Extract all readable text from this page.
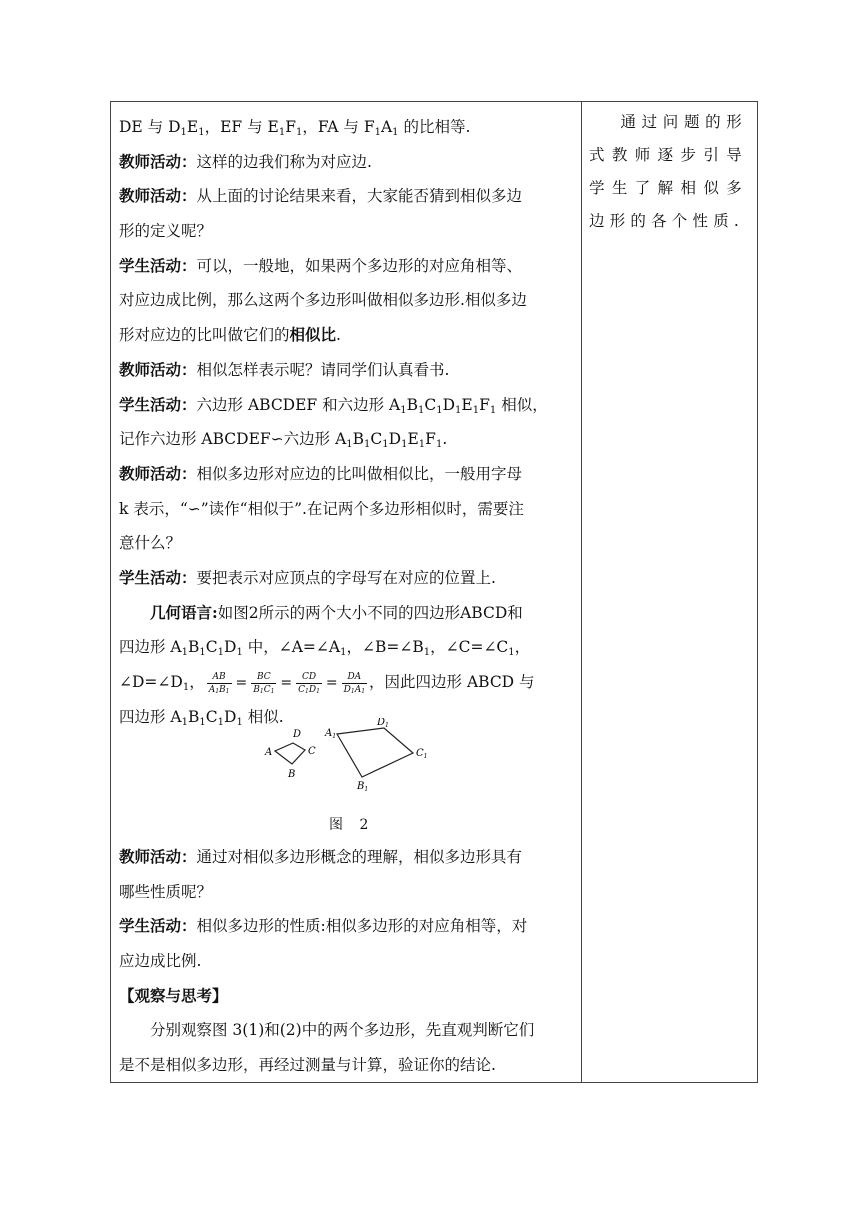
DE 与 $D_1E_1$，EF 与 $E_1F_1$，FA 与 $F_1A_1$ 的比相等.
教师活动：这样的边我们称为对应边.
教师活动：从上面的讨论结果来看，大家能否猜到相似多边
形的定义呢？
学生活动：可以，一般地，如果两个多边形的对应角相等、
对应边成比例，那么这两个多边形叫做相似多边形.相似多边
形对应边的比叫做它们的相似比.
教师活动：相似怎样表示呢？请同学们认真看书.
学生活动：六边形 ABCDEF 和六边形 $A_1B_1C_1D_1E_1F_1$ 相似，
记作六边形 ABCDEF∽六边形 $A_1B_1C_1D_1E_1F_1$.
教师活动：相似多边形对应边的比叫做相似比，一般用字母
k 表示，“∽”读作“相似于”.在记两个多边形相似时，需要注
意什么？
学生活动：要把表示对应顶点的字母写在对应的位置上.
几何语言:如图2所示的两个大小不同的四边形ABCD和
四边形 $A_1B_1C_1D_1$ 中，$\angle A=\angle A_1$，$\angle B=\angle B_1$，$\angle C=\angle C_1$，
$\angle D=\angle D_1$， $\frac{AB}{A_1B_1} = \frac{BC}{B_1C_1} = \frac{CD}{C_1D_1} = \frac{DA}{D_1A_1}$ ，因此四边形 ABCD 与
四边形 $A_1B_1C_1D_1$ 相似.
A
B
C
D $A_1$
$B_1$
$C_1$
$D_1$
图 2
教师活动：通过对相似多边形概念的理解，相似多边形具有
哪些性质呢？
学生活动：相似多边形的性质:相似多边形的对应角相等，对
应边成比例.
【观察与思考】
分别观察图 3(1)和(2)中的两个多边形，先直观判断它们
是不是相似多边形，再经过测量与计算，验证你的结论.
通过问题的形式教师逐步引导学生了解相似多边形的各个性质.
